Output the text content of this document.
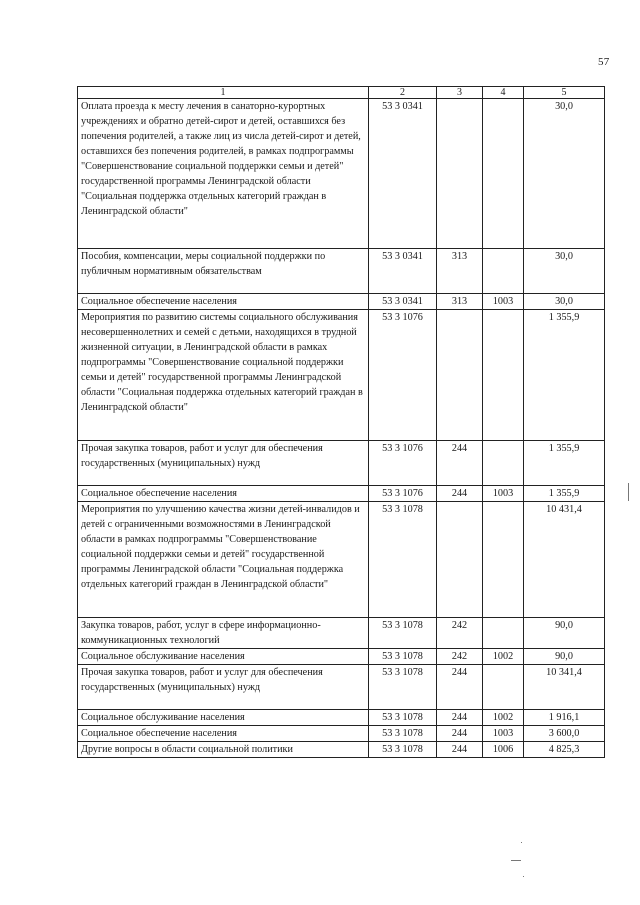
57
1	2	3	4	5
Оплата проезда к месту лечения в санаторно-курортных учреждениях и обратно детей-сирот и детей, оставшихся без попечения родителей, а также лиц из числа детей-сирот и детей, оставшихся без попечения родителей, в рамках подпрограммы "Совершенствование социальной поддержки семьи и детей" государственной программы Ленинградской области "Социальная поддержка отдельных категорий граждан в Ленинградской области"	53 3 0341			30,0
Пособия, компенсации, меры социальной поддержки по публичным нормативным обязательствам	53 3 0341	313		30,0
Социальное обеспечение населения	53 3 0341	313	1003	30,0
Мероприятия по развитию системы социального обслуживания несовершеннолетних и семей с детьми, находящихся в трудной жизненной ситуации, в Ленинградской области в рамках подпрограммы "Совершенствование социальной поддержки семьи и детей" государственной программы Ленинградской области "Социальная поддержка отдельных категорий граждан в Ленинградской области"	53 3 1076			1 355,9
Прочая закупка товаров, работ и услуг для обеспечения государственных (муниципальных) нужд	53 3 1076	244		1 355,9
Социальное обеспечение населения	53 3 1076	244	1003	1 355,9
Мероприятия по улучшению качества жизни детей-инвалидов и детей с ограниченными возможностями в Ленинградской области в рамках подпрограммы "Совершенствование социальной поддержки семьи и детей" государственной программы Ленинградской области "Социальная поддержка отдельных категорий граждан в Ленинградской области"	53 3 1078			10 431,4
Закупка товаров, работ, услуг в сфере информационно-коммуникационных технологий	53 3 1078	242		90,0
Социальное обслуживание населения	53 3 1078	242	1002	90,0
Прочая закупка товаров, работ и услуг для обеспечения государственных (муниципальных) нужд	53 3 1078	244		10 341,4
Социальное обслуживание населения	53 3 1078	244	1002	1 916,1
Социальное обеспечение населения	53 3 1078	244	1003	3 600,0
Другие вопросы в области социальной политики	53 3 1078	244	1006	4 825,3
